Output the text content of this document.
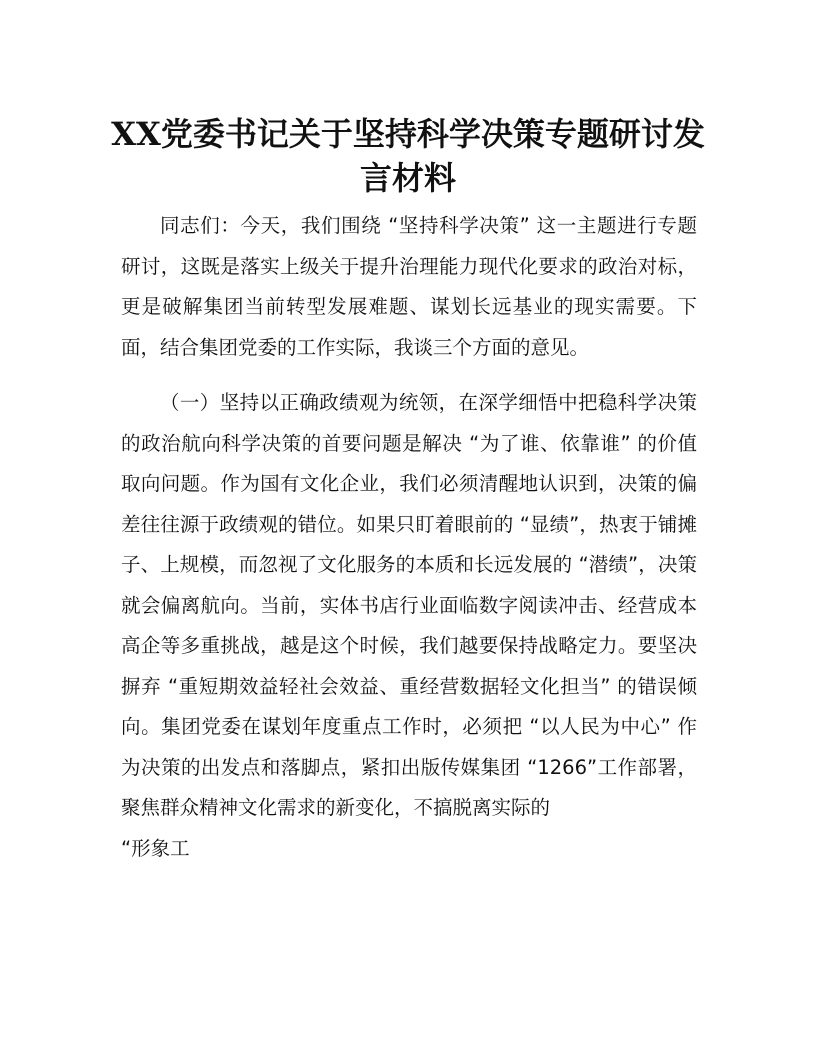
XX党委书记关于坚持科学决策专题研讨发言材料

同志们：今天，我们围绕 “坚持科学决策” 这一主题进行专题研讨，这既是落实上级关于提升治理能力现代化要求的政治对标，更是破解集团当前转型发展难题、谋划长远基业的现实需要。下面，结合集团党委的工作实际，我谈三个方面的意见。

（一）坚持以正确政绩观为统领，在深学细悟中把稳科学决策的政治航向科学决策的首要问题是解决 “为了谁、依靠谁” 的价值取向问题。作为国有文化企业，我们必须清醒地认识到，决策的偏差往往源于政绩观的错位。如果只盯着眼前的 “显绩”，热衷于铺摊子、上规模，而忽视了文化服务的本质和长远发展的 “潜绩”，决策就会偏离航向。当前，实体书店行业面临数字阅读冲击、经营成本高企等多重挑战，越是这个时候，我们越要保持战略定力。要坚决摒弃 “重短期效益轻社会效益、重经营数据轻文化担当” 的错误倾向。集团党委在谋划年度重点工作时，必须把 “以人民为中心” 作为决策的出发点和落脚点，紧扣出版传媒集团 “1266”工作部署，聚焦群众精神文化需求的新变化，不搞脱离实际的
“形象工
